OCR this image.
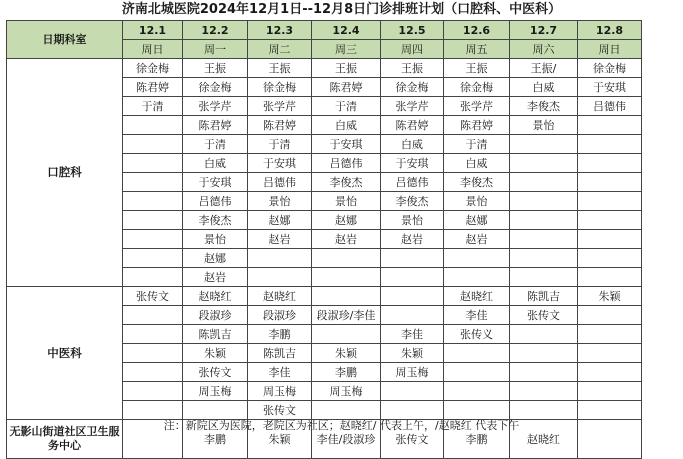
济南北城医院2024年12月1日--12月8日门诊排班计划（口腔科、中医科）
日期科室	12.1	12.2	12.3	12.4	12.5	12.6	12.7	12.8
	周日	周一	周二	周三	周四	周五	周六	周日
口腔科	徐金梅	王振	王振	王振	王振	王振	王振/	徐金梅
	陈君婷	徐金梅	徐金梅	陈君婷	徐金梅	徐金梅	白威	于安琪
	于清	张学芹	张学芹	于清	张学芹	张学芹	李俊杰	吕德伟
		陈君婷	陈君婷	白威	陈君婷	陈君婷	景怡	
		于清	于清	于安琪	白威	于清		
		白威	于安琪	吕德伟	于安琪	白威		
		于安琪	吕德伟	李俊杰	吕德伟	李俊杰		
		吕德伟	景怡	景怡	李俊杰	景怡		
		李俊杰	赵娜	赵娜	景怡	赵娜		
		景怡	赵岩	赵岩	赵岩	赵岩		
		赵娜						
		赵岩						
中医科	张传文	赵晓红	赵晓红			赵晓红	陈凯吉	朱颖
		段淑珍	段淑珍	段淑珍/李佳		李佳	张传文	
		陈凯吉	李鹏		李佳	张传义		
		朱颖	陈凯吉	朱颖	朱颖			
		张传文	李佳	李鹏	周玉梅			
		周玉梅	周玉梅	周玉梅				
			张传文					
无影山街道社区卫生服务中心		李鹏	朱颖	李佳/段淑珍	张传文	李鹏	赵晓红	
注：新院区为医院，老院区为社区；赵晓红/ 代表上午，/赵晓红 代表下午
